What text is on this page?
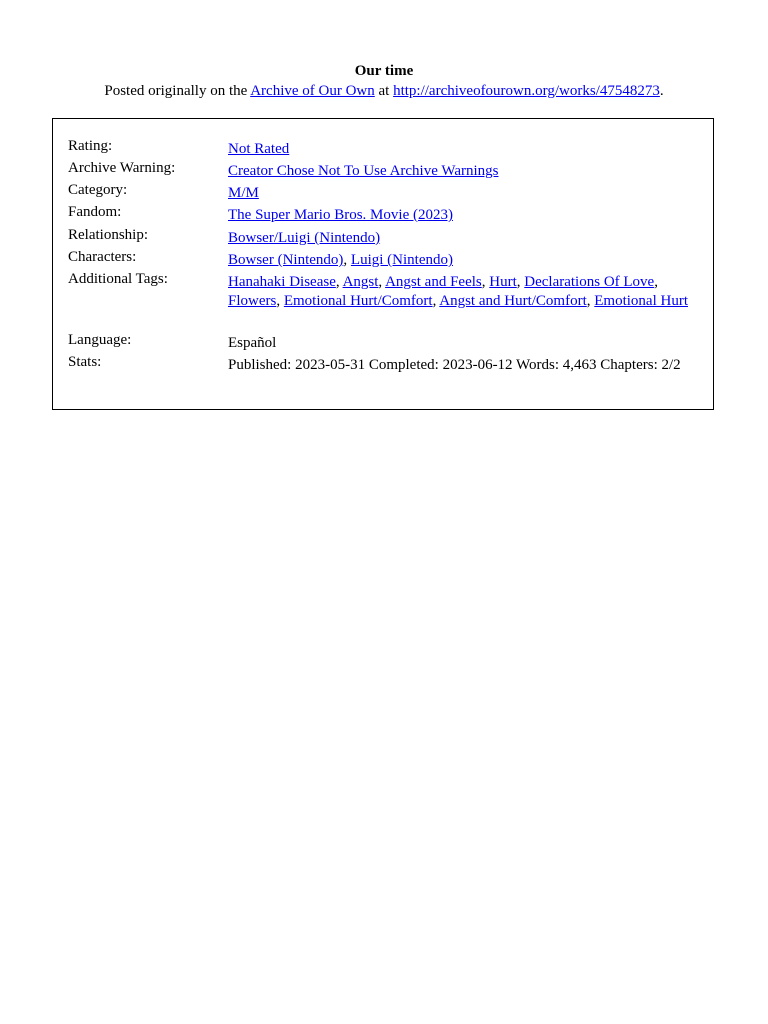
Our time
Posted originally on the Archive of Our Own at http://archiveofourown.org/works/47548273.
Rating:	Not Rated
Archive Warning:	Creator Chose Not To Use Archive Warnings
Category:	M/M
Fandom:	The Super Mario Bros. Movie (2023)
Relationship:	Bowser/Luigi (Nintendo)
Characters:	Bowser (Nintendo), Luigi (Nintendo)
Additional Tags:	Hanahaki Disease, Angst, Angst and Feels, Hurt, Declarations Of Love,
Flowers, Emotional Hurt/Comfort, Angst and Hurt/Comfort, Emotional Hurt
Language:	Español
Stats:	Published: 2023-05-31 Completed: 2023-06-12 Words: 4,463 Chapters: 2/2
